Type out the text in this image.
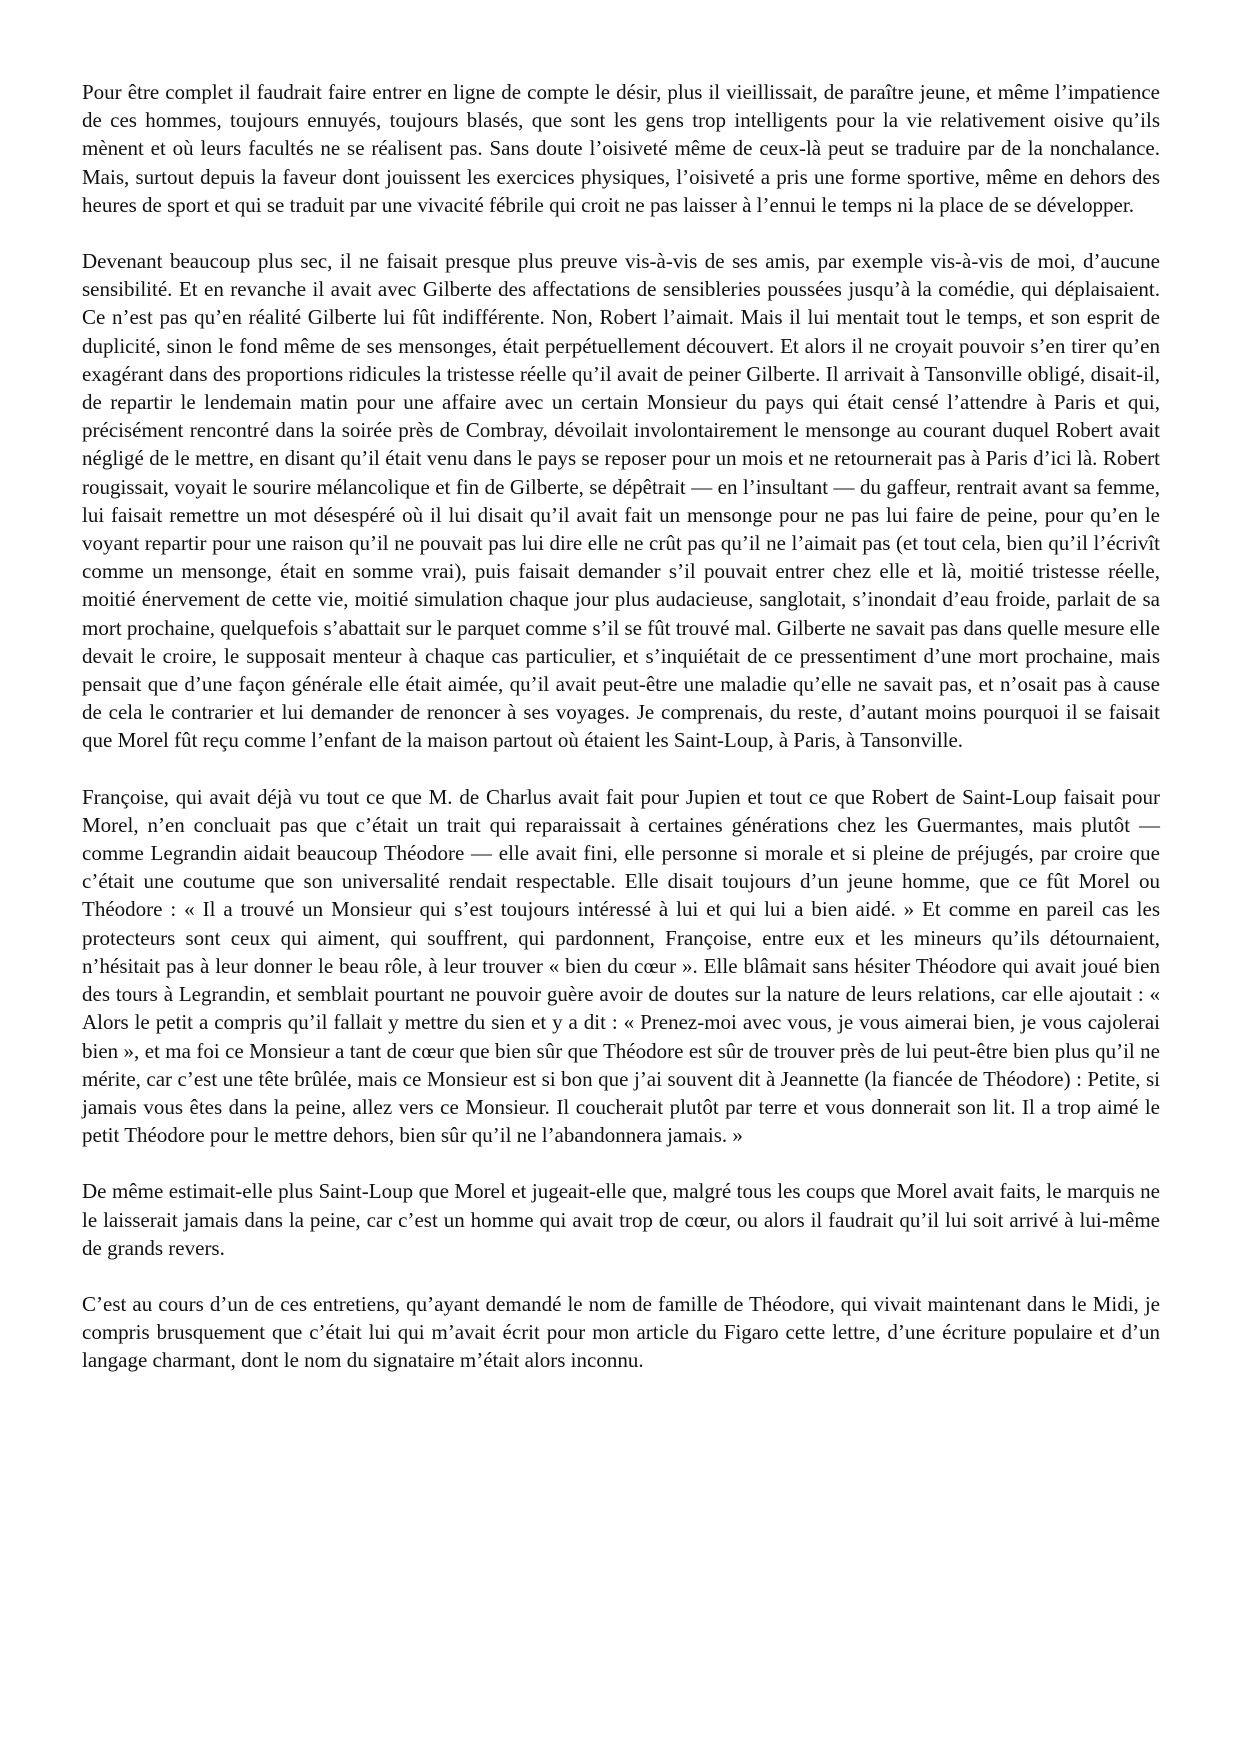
Pour être complet il faudrait faire entrer en ligne de compte le désir, plus il vieillissait, de paraître jeune, et même l’impatience de ces hommes, toujours ennuyés, toujours blasés, que sont les gens trop intelligents pour la vie relativement oisive qu’ils mènent et où leurs facultés ne se réalisent pas. Sans doute l’oisiveté même de ceux-là peut se traduire par de la nonchalance. Mais, surtout depuis la faveur dont jouissent les exercices physiques, l’oisiveté a pris une forme sportive, même en dehors des heures de sport et qui se traduit par une vivacité fébrile qui croit ne pas laisser à l’ennui le temps ni la place de se développer.

Devenant beaucoup plus sec, il ne faisait presque plus preuve vis-à-vis de ses amis, par exemple vis-à-vis de moi, d’aucune sensibilité. Et en revanche il avait avec Gilberte des affectations de sensibleries poussées jusqu’à la comédie, qui déplaisaient. Ce n’est pas qu’en réalité Gilberte lui fût indifférente. Non, Robert l’aimait. Mais il lui mentait tout le temps, et son esprit de duplicité, sinon le fond même de ses mensonges, était perpétuellement découvert. Et alors il ne croyait pouvoir s’en tirer qu’en exagérant dans des proportions ridicules la tristesse réelle qu’il avait de peiner Gilberte. Il arrivait à Tansonville obligé, disait-il, de repartir le lendemain matin pour une affaire avec un certain Monsieur du pays qui était censé l’attendre à Paris et qui, précisément rencontré dans la soirée près de Combray, dévoilait involontairement le mensonge au courant duquel Robert avait négligé de le mettre, en disant qu’il était venu dans le pays se reposer pour un mois et ne retournerait pas à Paris d’ici là. Robert rougissait, voyait le sourire mélancolique et fin de Gilberte, se dépêtrait — en l’insultant — du gaffeur, rentrait avant sa femme, lui faisait remettre un mot désespéré où il lui disait qu’il avait fait un mensonge pour ne pas lui faire de peine, pour qu’en le voyant repartir pour une raison qu’il ne pouvait pas lui dire elle ne crût pas qu’il ne l’aimait pas (et tout cela, bien qu’il l’écrivît comme un mensonge, était en somme vrai), puis faisait demander s’il pouvait entrer chez elle et là, moitié tristesse réelle, moitié énervement de cette vie, moitié simulation chaque jour plus audacieuse, sanglotait, s’inondait d’eau froide, parlait de sa mort prochaine, quelquefois s’abattait sur le parquet comme s’il se fût trouvé mal. Gilberte ne savait pas dans quelle mesure elle devait le croire, le supposait menteur à chaque cas particulier, et s’inquiétait de ce pressentiment d’une mort prochaine, mais pensait que d’une façon générale elle était aimée, qu’il avait peut-être une maladie qu’elle ne savait pas, et n’osait pas à cause de cela le contrarier et lui demander de renoncer à ses voyages. Je comprenais, du reste, d’autant moins pourquoi il se faisait que Morel fût reçu comme l’enfant de la maison partout où étaient les Saint-Loup, à Paris, à Tansonville.

Françoise, qui avait déjà vu tout ce que M. de Charlus avait fait pour Jupien et tout ce que Robert de Saint-Loup faisait pour Morel, n’en concluait pas que c’était un trait qui reparaissait à certaines générations chez les Guermantes, mais plutôt — comme Legrandin aidait beaucoup Théodore — elle avait fini, elle personne si morale et si pleine de préjugés, par croire que c’était une coutume que son universalité rendait respectable. Elle disait toujours d’un jeune homme, que ce fût Morel ou Théodore : « Il a trouvé un Monsieur qui s’est toujours intéressé à lui et qui lui a bien aidé. » Et comme en pareil cas les protecteurs sont ceux qui aiment, qui souffrent, qui pardonnent, Françoise, entre eux et les mineurs qu’ils détournaient, n’hésitait pas à leur donner le beau rôle, à leur trouver « bien du cœur ». Elle blâmait sans hésiter Théodore qui avait joué bien des tours à Legrandin, et semblait pourtant ne pouvoir guère avoir de doutes sur la nature de leurs relations, car elle ajoutait : « Alors le petit a compris qu’il fallait y mettre du sien et y a dit : « Prenez-moi avec vous, je vous aimerai bien, je vous cajolerai bien », et ma foi ce Monsieur a tant de cœur que bien sûr que Théodore est sûr de trouver près de lui peut-être bien plus qu’il ne mérite, car c’est une tête brûlée, mais ce Monsieur est si bon que j’ai souvent dit à Jeannette (la fiancée de Théodore) : Petite, si jamais vous êtes dans la peine, allez vers ce Monsieur. Il coucherait plutôt par terre et vous donnerait son lit. Il a trop aimé le petit Théodore pour le mettre dehors, bien sûr qu’il ne l’abandonnera jamais. »

De même estimait-elle plus Saint-Loup que Morel et jugeait-elle que, malgré tous les coups que Morel avait faits, le marquis ne le laisserait jamais dans la peine, car c’est un homme qui avait trop de cœur, ou alors il faudrait qu’il lui soit arrivé à lui-même de grands revers.

C’est au cours d’un de ces entretiens, qu’ayant demandé le nom de famille de Théodore, qui vivait maintenant dans le Midi, je compris brusquement que c’était lui qui m’avait écrit pour mon article du Figaro cette lettre, d’une écriture populaire et d’un langage charmant, dont le nom du signataire m’était alors inconnu.
